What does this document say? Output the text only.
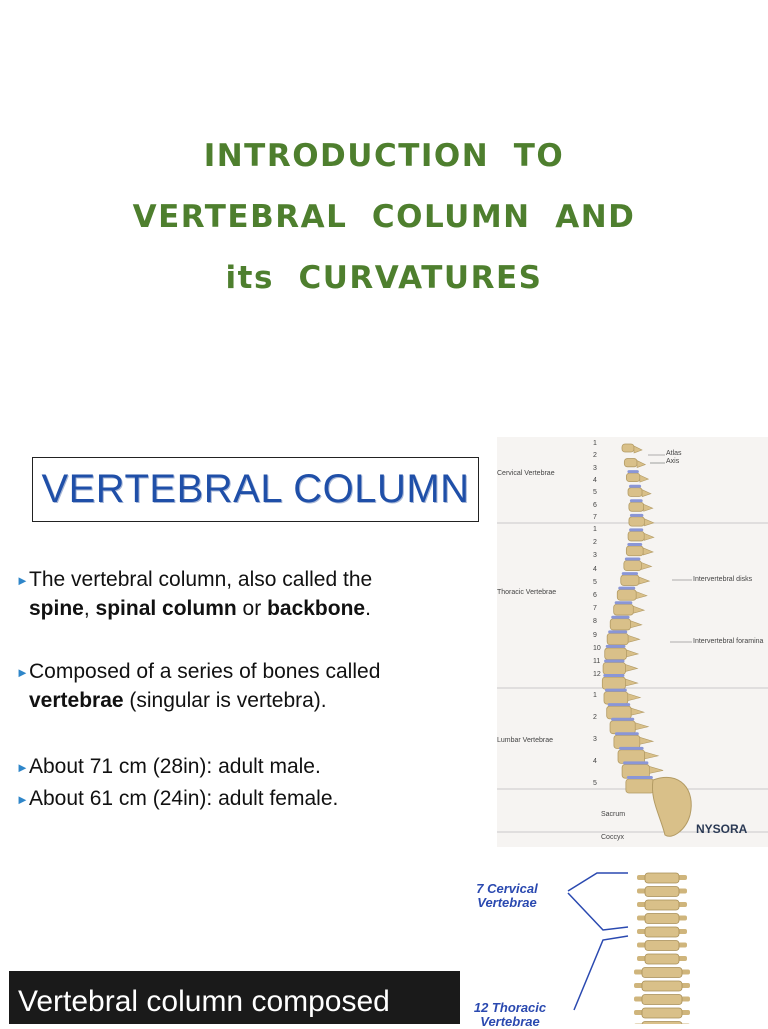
INTRODUCTION  TO
VERTEBRAL  COLUMN  AND
its  CURVATURES
VERTEBRAL COLUMN
► The vertebral column, also called the
spine, spinal column or backbone.
► Composed of a series of bones called
vertebrae (singular is vertebra).
► About 71 cm (28in): adult male.
► About 61 cm (24in): adult female.
Cervical Vertebrae
Thoracic Vertebrae
Lumbar Vertebrae
Sacrum
Coccyx
1
2
3
4
5
6
7
1
2
3
4
5
6
7
8
9
10
11
12
1
2
3
4
5
Atlas
Axis
Intervertebral disks
Intervertebral foramina
NYSORA
7 Cervical Vertebrae
12 Thoracic Vertebrae
Vertebral column composed
